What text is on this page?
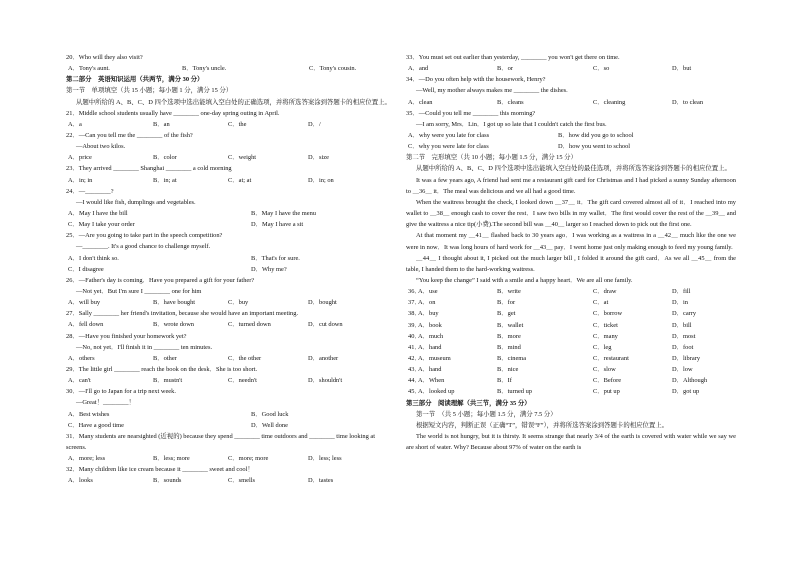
20．Who will they also visit?
A．Tony's aunt.	B．Tony's uncle.	C．Tony's cousin.
第二部分　英语知识运用（共两节，满分 30 分）
第一节　单项填空（共 15 小题；每小题 1 分，满分 15 分）
从题中所给的 A、B、C、D 四个选项中选出能填入空白处的正确选项，并将所选答案涂到答题卡的相应位置上。
21．Middle school students usually have ________ one-day spring outing in April.
A．a	B．an	C．the	D．/
22．—Can you tell me the ________ of the fish?
—About two kilos.
A．price	B．color	C．weight	D．size
23．They arrived ________ Shanghai ________ a cold morning
A．in; in	B．in; at	C．at; at	D．in; on
24．—________?
—I would like fish, dumplings and vegetables.
A．May I have the bill	B．May I have the menu
C．May I take your order	D．May I have a sit
25．—Are you going to take part in the speech competition?
—________. It's a good chance to challenge myself.
A．I don't think so.	B．That's for sure.
C．I disagree	D．Why me?
26．—Father's day is coming．Have you prepared a gift for your father?
—Not yet．But I'm sure I ________ one for him
A．will buy	B．have bought	C．buy	D．bought
27．Sally ________ her friend's invitation, because she would have an important meeting.
A．fell down	B．wrote down	C．turned down	D．cut down
28．—Have you finished your homework yet?
—No, not yet．I'll finish it in ________ ten minutes.
A．others	B．other	C．the other	D．another
29．The little girl ________ reach the book on the desk．She is too short.
A．can't	B．mustn't	C．needn't	D．shouldn't
30．—I'll go to Japan for a trip next week.
—Great！________！
A．Best wishes	B．Good luck
C．Have a good time	D．Well done
31．Many students are nearsighted (近视的) because they spend ________ time outdoors and ________ time looking at screens.
A．more; less	B．less; more	C．more; more	D．less; less
32．Many children like ice cream because it ________ sweet and cool！
A．looks	B．sounds	C．smells	D．tastes
33．You must set out earlier than yesterday, ________ you won't get there on time.
A．and	B．or	C．so	D．but
34．—Do you often help with the housework, Henry?
—Well, my mother always makes me ________ the dishes.
A．clean	B．cleans	C．cleaning	D．to clean
35．—Could you tell me ________ this morning?
—I am sorry, Mrs．Lin．I got up so late that I couldn't catch the first bus.
A．why were you late for class	B．how did you go to school
C．why you were late for class	D．how you went to school
第二节　完形填空（共 10 小题；每小题 1.5 分，满分 15 分）
从题中所给的 A、B、C、D 四个选项中选出能填入空白处的最佳选项，并将所选答案涂到答题卡的相应位置上。
It was a few years ago, A friend had sent me a restaurant gift card for Christmas and I had picked a sunny Sunday afternoon to ＿36＿ it．The meal was delicious and we all had a good time.
When the waitress brought the check, I looked down ＿37＿ it．The gift card covered almost all of it．I reached into my wallet to ＿38＿ enough cash to cover the rest．I saw two bills in my wallet．The first would cover the rest of the ＿39＿ and give the waitress a nice tip(小费).The second bill was ＿40＿ larger so I reached down to pick out the first one.
At that moment my ＿41＿ flashed back to 30 years ago．I was working as a waitress in a ＿42＿ much like the one we were in now．It was long hours of hard work for ＿43＿ pay．I went home just only making enough to feed my young family.
＿44＿ I thought about it, I picked out the much larger bill , I folded it around the gift card．As we all ＿45＿ from the table, I handed them to the hard-working waitress.
“You keep the change” I said with a smile and a happy heart．We are all one family.
36．
A．use	B．write	C．draw	D．fill
37．
A．on	B．for	C．at	D．in
38．
A．buy	B．get	C．borrow	D．carry
39．
A．book	B．wallet	C．ticket	D．bill
40．
A．much	B．more	C．many	D．most
41．
A．hand	B．mind	C．leg	D．foot
42．
A．museum	B．cinema	C．restaurant	D．library
43．
A．hand	B．nice	C．slow	D．low
44．
A．When	B．If	C．Before	D．Although
45．
A．looked up	B．turned up	C．put up	D．got up
第三部分　阅读理解（共三节，满分 35 分）
第一节　（共 5 小题；每小题 1.5 分，满分 7.5 分）
根据短文内容，判断正误（正确“T”，错误“F”），并将所选答案涂到答题卡的相应位置上。
The world is not hungry, but it is thirsty. It seems strange that nearly 3/4 of the earth is covered with water while we say we are short of water. Why? Because about 97% of water on the earth is
